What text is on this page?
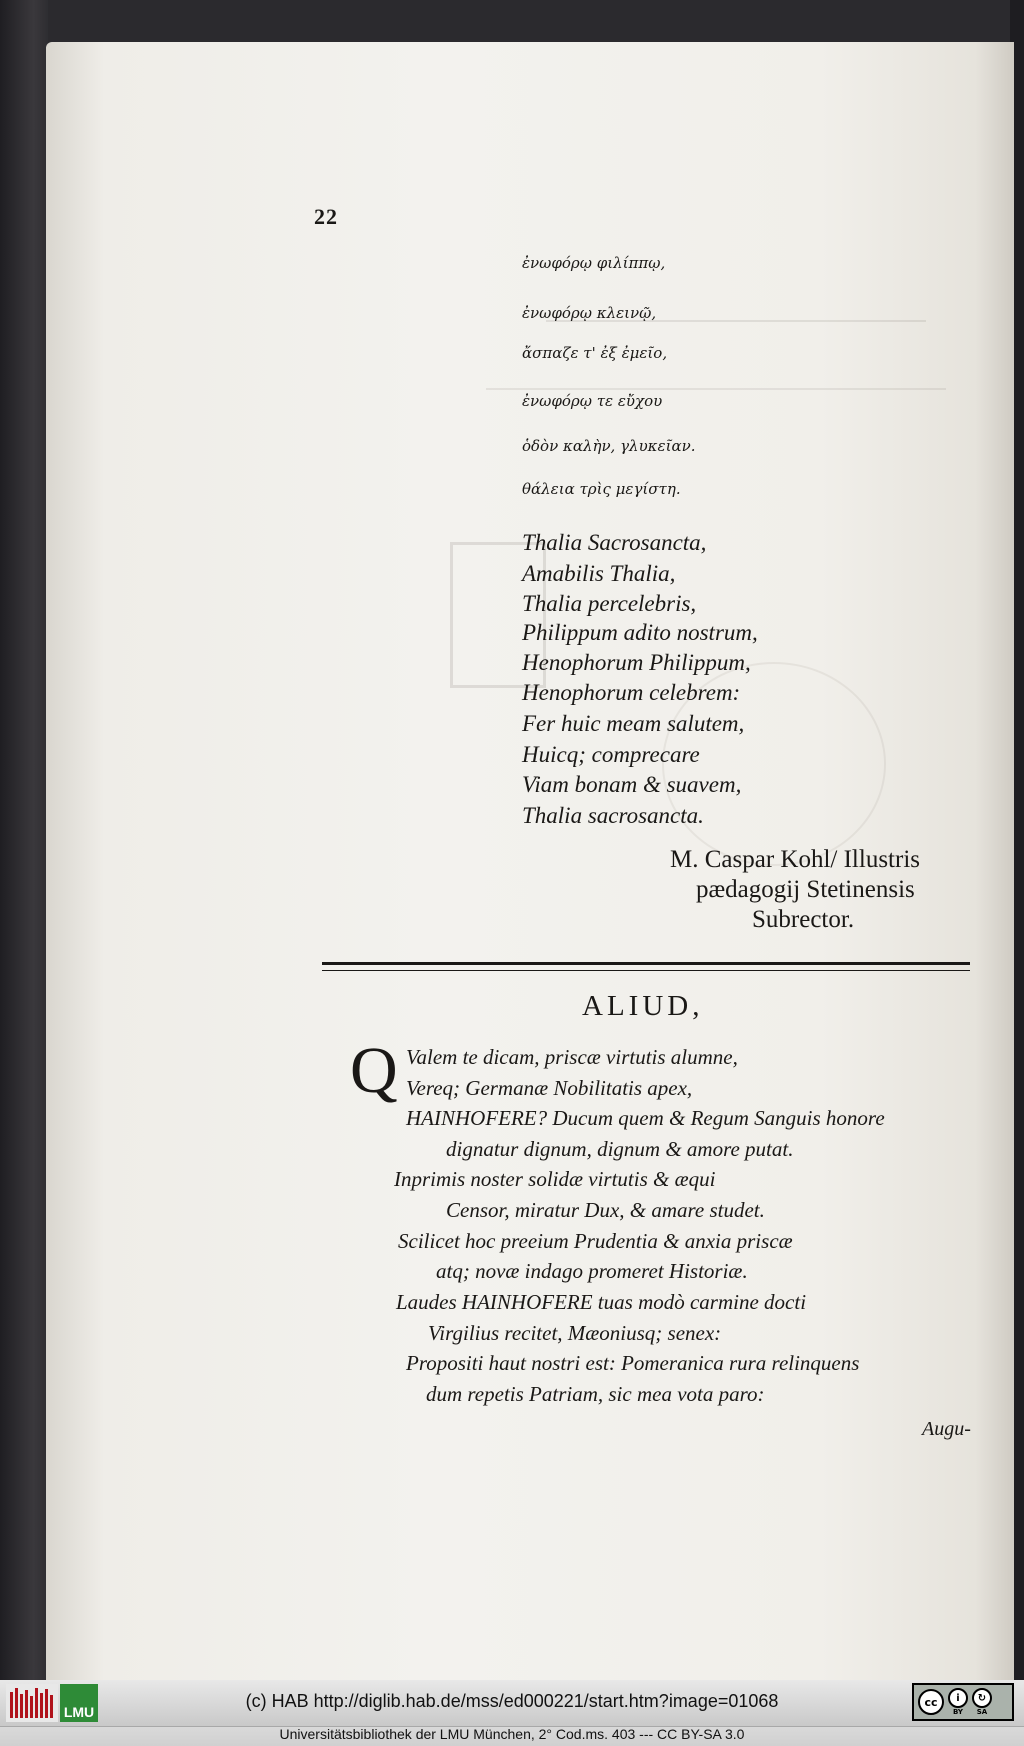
22
ἐνωφόρῳ φιλίππῳ,
ἐνωφόρῳ κλεινῷ,
ἄσπαζε τ' ἐξ ἐμεῖο,
ἐνωφόρῳ τε εὔχου
ὁδὸν καλὴν, γλυκεῖαν.
θάλεια τρὶς μεγίστη.
Thalia Sacrosancta,
Amabilis Thalia,
Thalia percelebris,
Philippum adito nostrum,
Henophorum Philippum,
Henophorum celebrem:
Fer huic meam salutem,
Huicq; comprecare
Viam bonam & suavem,
Thalia sacrosancta.
M. Caspar Kohl/ Illustris
pædagogij Stetinensis
Subrector.
ALIUD,
Q Valem te dicam, priscæ virtutis alumne,
Vereq; Germanæ Nobilitatis apex,
HAINHOFERE? Ducum quem & Regum Sanguis honore
dignatur dignum, dignum & amore putat.
Inprimis noster solidæ virtutis & æqui
Censor, miratur Dux, & amare studet.
Scilicet hoc preeium Prudentia & anxia priscæ
atq; novæ indago promeret Historiæ.
Laudes HAINHOFERE tuas modò carmine docti
Virgilius recitet, Mæoniusq; senex:
Propositi haut nostri est: Pomeranica rura relinquens
dum repetis Patriam, sic mea vota paro:
Augu-
LMU
(c) HAB http://diglib.hab.de/mss/ed000221/start.htm?image=01068	cc	i
BY
↻
SA
Universitätsbibliothek der LMU München, 2° Cod.ms. 403 --- CC BY-SA 3.0
